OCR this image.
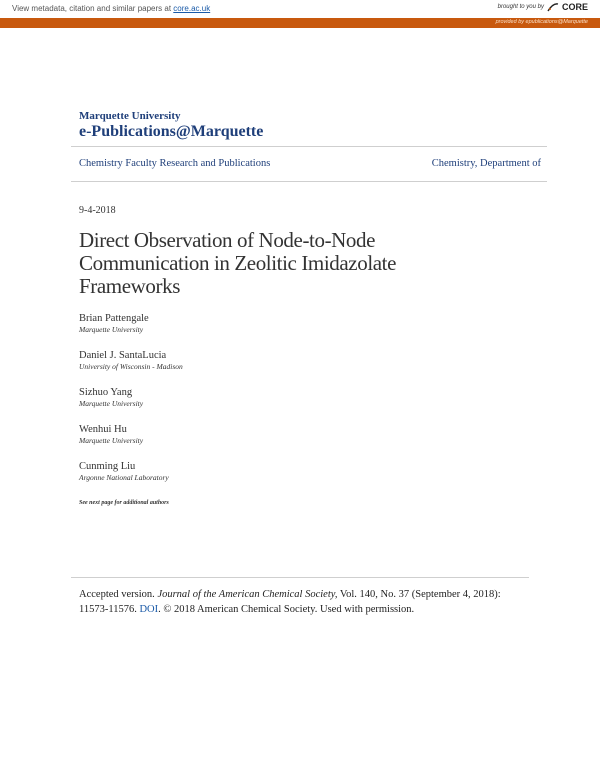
View metadata, citation and similar papers at core.ac.uk	brought to you by CORE
provided by epublications@Marquette
Marquette University
e-Publications@Marquette
Chemistry Faculty Research and Publications	Chemistry, Department of
9-4-2018
Direct Observation of Node-to-Node Communication in Zeolitic Imidazolate Frameworks
Brian Pattengale
Marquette University
Daniel J. SantaLucia
University of Wisconsin - Madison
Sizhuo Yang
Marquette University
Wenhui Hu
Marquette University
Cunming Liu
Argonne National Laboratory
See next page for additional authors

Accepted version. Journal of the American Chemical Society, Vol. 140, No. 37 (September 4, 2018): 11573-11576. DOI. © 2018 American Chemical Society. Used with permission.
